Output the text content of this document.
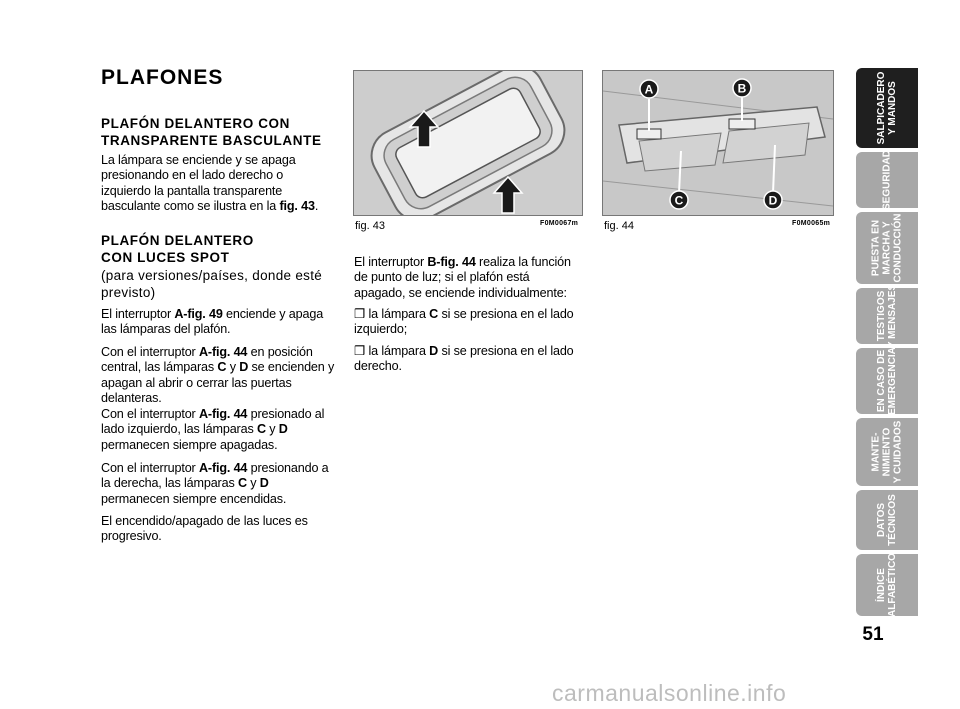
PLAFONES
PLAFÓN DELANTERO CON
TRANSPARENTE BASCULANTE
La lámpara se enciende y se apaga presionando en el lado derecho o izquierdo la pantalla transparente basculante como se ilustra en la fig. 43.
PLAFÓN DELANTERO
CON LUCES SPOT
(para versiones/países, donde esté
previsto)
El interruptor A-fig. 49 enciende y apaga las lámparas del plafón.
Con el interruptor A-fig. 44 en posición central, las lámparas C y D se encienden y apagan al abrir o cerrar las puertas delanteras.
Con el interruptor A-fig. 44 presionado al lado izquierdo, las lámparas C y D permanecen siempre apagadas.
Con el interruptor A-fig. 44 presionando a la derecha, las lámparas C y D permanecen siempre encendidas.
El encendido/apagado de las luces es progresivo.
fig. 43	F0M0067m
A	B
C	D
fig. 44	F0M0065m
El interruptor B-fig. 44 realiza la función de punto de luz; si el plafón está apagado, se enciende individualmente:
❒ la lámpara C si se presiona en el lado izquierdo;
❒ la lámpara D si se presiona en el lado derecho.
SALPICADERO
Y MANDOS
SEGURIDAD
PUESTA EN
MARCHA Y
CONDUCCIÓN
TESTIGOS
Y MENSAJES
EN CASO DE
EMERGENCIA
MANTE-
NIMIENTO
Y CUIDADOS
DATOS
TÉCNICOS
ÍNDICE
ALFABÉTICO
51
carmanualsonline.info
